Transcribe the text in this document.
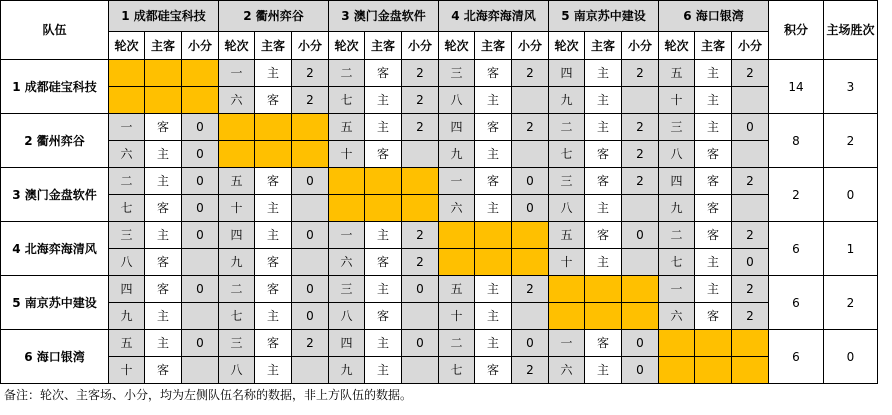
队伍	1 成都硅宝科技			2 衢州弈谷			3 澳门金盘软件			4 北海弈海清风			5 南京苏中建设			6 海口银湾			积分	主场胜次
	轮次	主客	小分	轮次	主客	小分	轮次	主客	小分	轮次	主客	小分	轮次	主客	小分	轮次	主客	小分		
1 成都硅宝科技				一	主	2	二	客	2	三	客	2	四	主	2	五	主	2	14	3
				六	客	2	七	主	2	八	主		九	主		十	主			
2 衢州弈谷	一	客	0				五	主	2	四	客	2	二	主	2	三	主	0	8	2
	六	主	0				十	客		九	主		七	客	2	八	客			
3 澳门金盘软件	二	主	0	五	客	0				一	客	0	三	客	2	四	客	2	2	0
	七	客	0	十	主					六	主	0	八	主		九	客			
4 北海弈海清风	三	主	0	四	主	0	一	主	2				五	客	0	二	客	2	6	1
	八	客		九	客		六	客	2				十	主		七	主	0		
5 南京苏中建设	四	客	0	二	客	0	三	主	0	五	主	2				一	主	2	6	2
	九	主		七	主	0	八	客		十	主					六	客	2		
6 海口银湾	五	主	0	三	客	2	四	主	0	二	主	0	一	客	0				6	0
	十	客		八	主		九	主		七	客	2	六	主	0					
备注：轮次、主客场、小分，均为左侧队伍名称的数据，非上方队伍的数据。
